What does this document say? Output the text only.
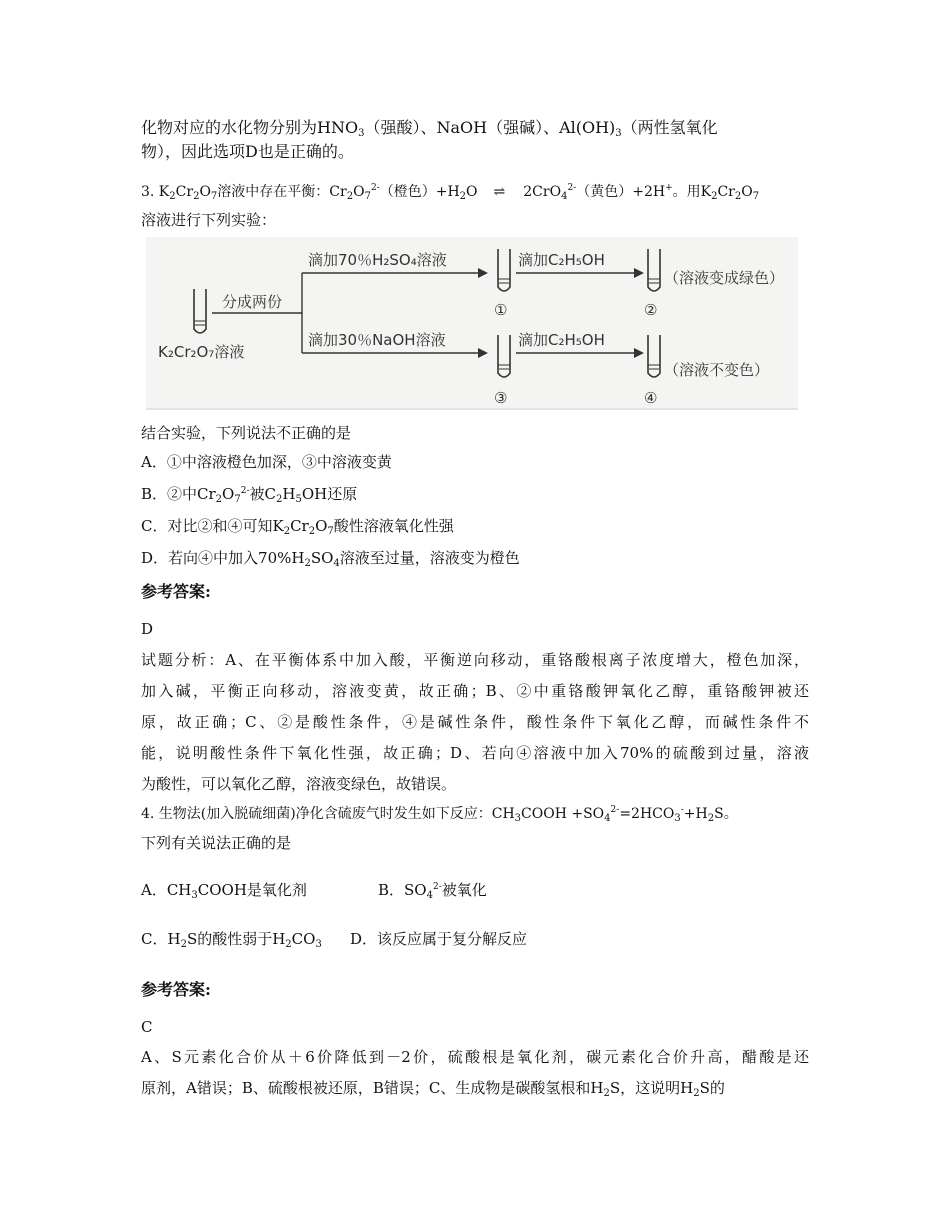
化物对应的水化物分别为$HNO_3$（强酸）、NaOH（强碱）、$Al(OH)_3$（两性氢氧化
物），因此选项D也是正确的。
3. $K_2Cr_2O_7$溶液中存在平衡：$Cr_2O_7^{2-}$（橙色）$+H_2O$ ⇌ 2CrO$_4^{2-}$（黄色）+2H+。用$K_2Cr_2O_7$
溶液进行下列实验：
K₂Cr₂O₇溶液
分成两份
滴加70％H₂SO₄溶液
①
滴加C₂H₅OH
②
（溶液变成绿色）
滴加30％NaOH溶液
③
滴加C₂H₅OH
④
（溶液不变色）
结合实验，下列说法不正确的是
A．①中溶液橙色加深，③中溶液变黄
B．②中$Cr_2O_7^{2-}$被$C_2H_5OH$还原
C．对比②和④可知$K_2Cr_2O_7$酸性溶液氧化性强
D．若向④中加入$70\%H_2SO_4$溶液至过量，溶液变为橙色
参考答案:
D
试题分析：A、在平衡体系中加入酸，平衡逆向移动，重铬酸根离子浓度增大，橙色加深，
加入碱，平衡正向移动，溶液变黄，故正确；B、②中重铬酸钾氧化乙醇，重铬酸钾被还
原，故正确；C、②是酸性条件，④是碱性条件，酸性条件下氧化乙醇，而碱性条件不
能，说明酸性条件下氧化性强，故正确；D、若向④溶液中加入70%的硫酸到过量，溶液
为酸性，可以氧化乙醇，溶液变绿色，故错误。
4. 生物法(加入脱硫细菌)净化含硫废气时发生如下反应：$CH_3COOH +SO_4^{2-}=2HCO_3^-+H_2S$。
下列有关说法正确的是
A．$CH_3COOH$是氧化剂	B．$SO_4^{2-}$被氧化
C．$H_2S$的酸性弱于$H_2CO_3$ D．该反应属于复分解反应
参考答案:
C
A、S元素化合价从＋6价降低到－2价，硫酸根是氧化剂，碳元素化合价升高，醋酸是还
原剂，A错误；B、硫酸根被还原，B错误；C、生成物是碳酸氢根和$H_2S$，这说明$H_2S$的
